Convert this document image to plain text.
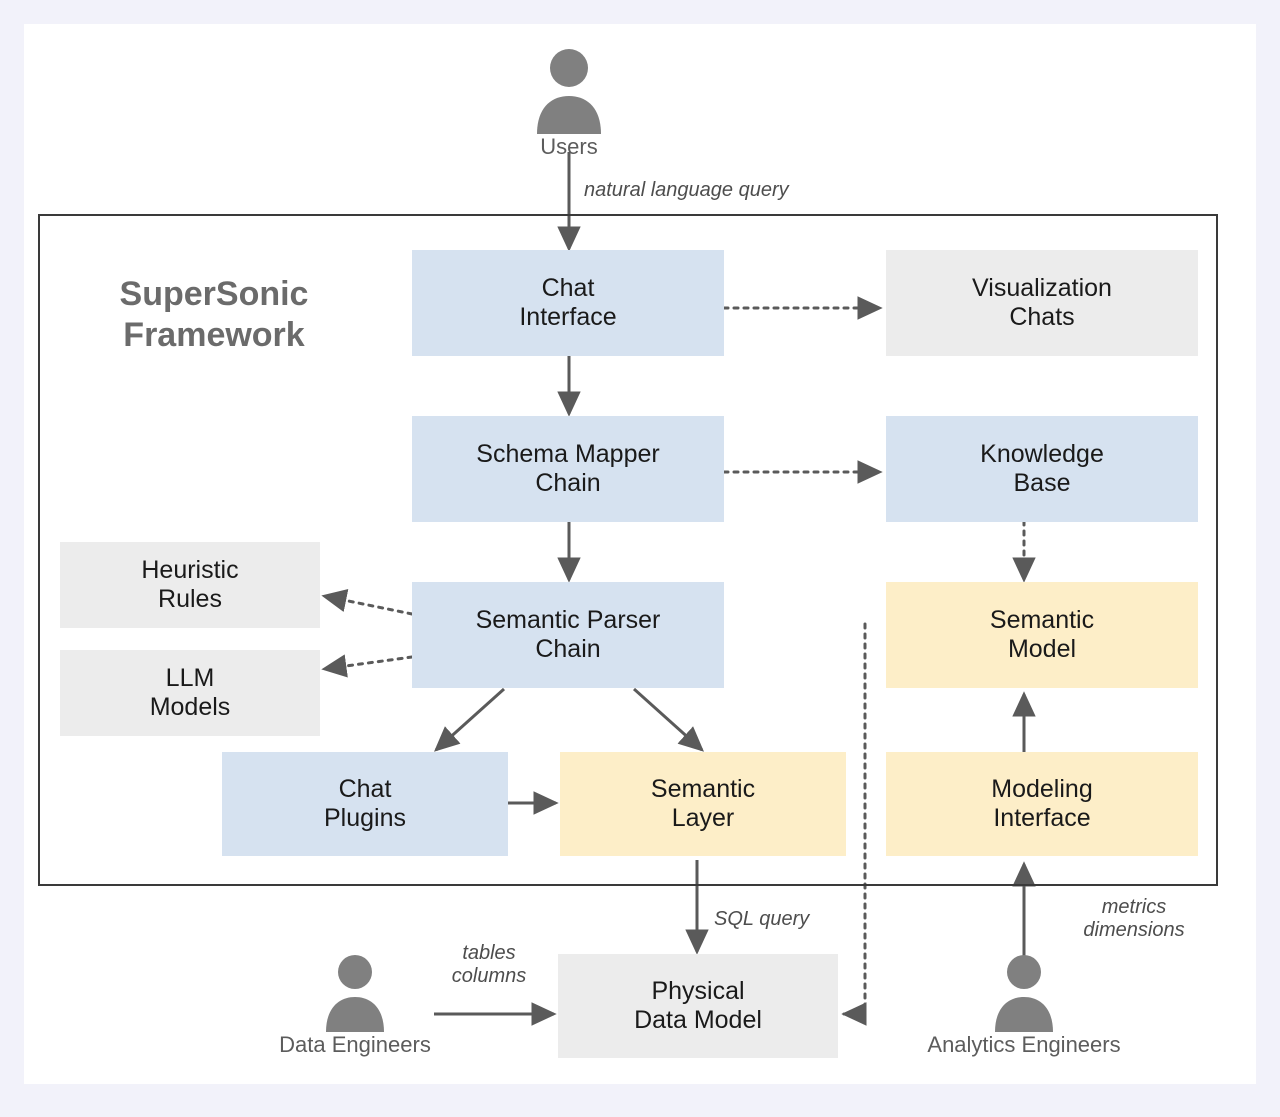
SuperSonic
Framework
Users
natural language query
Chat
Interface
Visualization
Chats
Schema Mapper
Chain
Knowledge
Base
Heuristic
Rules
Semantic Parser
Chain
Semantic
Model
LLM
Models
Chat
Plugins
Semantic
Layer
Modeling
Interface
SQL query
tables
columns
metrics
dimensions
Physical
Data Model
Data Engineers	Analytics Engineers
